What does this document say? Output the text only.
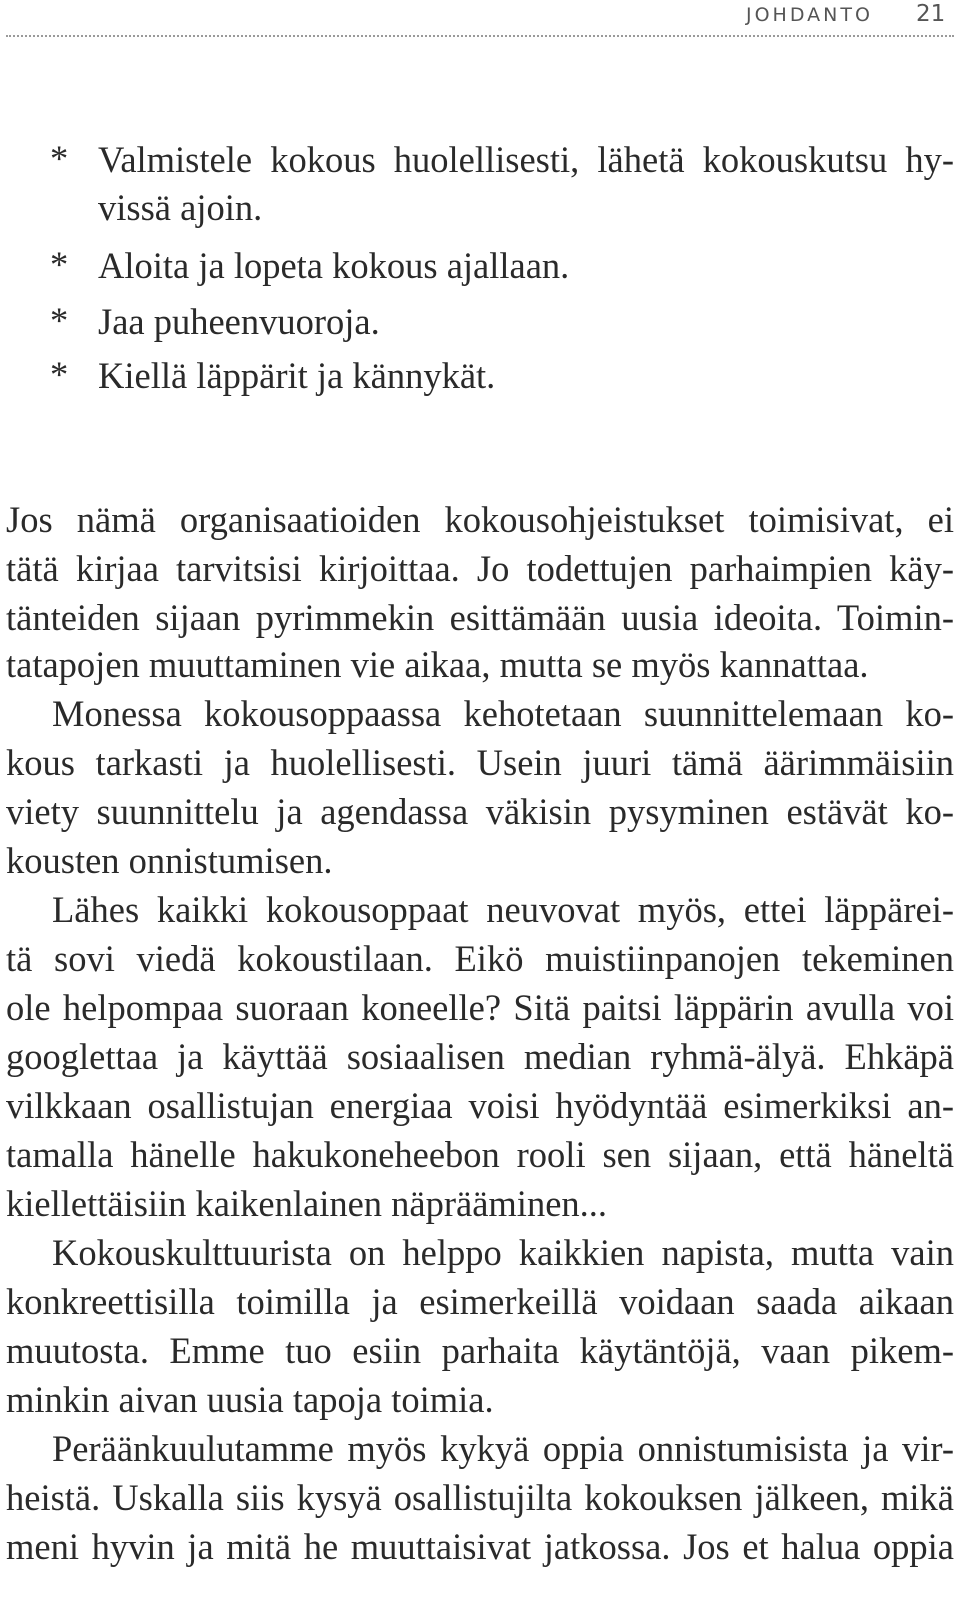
JOHDANTO 21
* Valmistele kokous huolellisesti, lähetä kokouskutsu hy-
vissä ajoin.
* Aloita ja lopeta kokous ajallaan.
* Jaa puheenvuoroja.
* Kiellä läppärit ja kännykät.
Jos nämä organisaatioiden kokousohjeistukset toimisivat, ei
tätä kirjaa tarvitsisi kirjoittaa. Jo todettujen parhaimpien käy-
tänteiden sijaan pyrimmekin esittämään uusia ideoita. Toimin-
tatapojen muuttaminen vie aikaa, mutta se myös kannattaa.
Monessa kokousoppaassa kehotetaan suunnittelemaan ko-
kous tarkasti ja huolellisesti. Usein juuri tämä äärimmäisiin
viety suunnittelu ja agendassa väkisin pysyminen estävät ko-
kousten onnistumisen.
Lähes kaikki kokousoppaat neuvovat myös, ettei läppärei-
tä sovi viedä kokoustilaan. Eikö muistiinpanojen tekeminen
ole helpompaa suoraan koneelle? Sitä paitsi läppärin avulla voi
googlettaa ja käyttää sosiaalisen median ryhmä-älyä. Ehkäpä
vilkkaan osallistujan energiaa voisi hyödyntää esimerkiksi an-
tamalla hänelle hakukoneheebon rooli sen sijaan, että häneltä
kiellettäisiin kaikenlainen näprääminen...
Kokouskulttuurista on helppo kaikkien napista, mutta vain
konkreettisilla toimilla ja esimerkeillä voidaan saada aikaan
muutosta. Emme tuo esiin parhaita käytäntöjä, vaan pikem-
minkin aivan uusia tapoja toimia.
Peräänkuulutamme myös kykyä oppia onnistumisista ja vir-
heistä. Uskalla siis kysyä osallistujilta kokouksen jälkeen, mikä
meni hyvin ja mitä he muuttaisivat jatkossa. Jos et halua oppia
